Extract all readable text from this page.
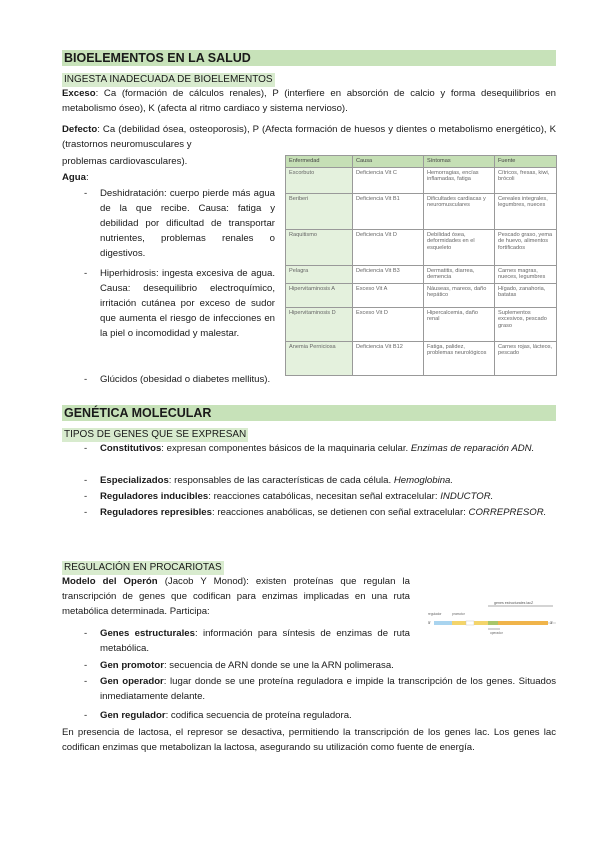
BIOELEMENTOS EN LA SALUD
INGESTA INADECUADA DE BIOELEMENTOS
Exceso: Ca (formación de cálculos renales), P (interfiere en absorción de calcio y forma desequilibrios en metabolismo óseo), K (afecta al ritmo cardiaco y sistema nervioso).
Defecto: Ca (debilidad ósea, osteoporosis), P (Afecta formación de huesos y dientes o metabolismo energético), K (trastornos neuromusculares y
problemas cardiovasculares).
Agua:
- Deshidratación: cuerpo pierde más agua de la que recibe. Causa: fatiga y debilidad por dificultad de transportar nutrientes, problemas renales o digestivos.
- Hiperhidrosis: ingesta excesiva de agua. Causa: desequilibrio electroquímico, irritación cutánea por exceso de sudor que aumenta el riesgo de infecciones en la piel o incomodidad y malestar.
- Glúcidos (obesidad o diabetes mellitus).
Enfermedad	Causa	Síntomas	Fuente
Escorbuto	Deficiencia Vit C	Hemorragias, encías inflamadas, fatiga	Cítricos, fresas, kiwi, brócoli
Beriberi	Deficiencia Vit B1	Dificultades cardiacas y neuromusculares	Cereales integrales, legumbres, nueces
Raquitismo	Deficiencia Vit D	Debilidad ósea, deformidades en el esqueleto	Pescado graso, yema de huevo, alimentos fortificados
Pelagra	Deficiencia Vit B3	Dermatitis, diarrea, demencia	Carnes magras, nueces, legumbres
Hipervitaminosis A	Exceso Vit A	Náuseas, mareos, daño hepático	Hígado, zanahoria, batatas
Hipervitaminosis D	Exceso Vit D	Hipercalcemia, daño renal	Suplementos excesivos, pescado graso
Anemia Perniciosa	Deficiencia Vit B12	Fatiga, palidez, problemas neurológicos	Carnes rojas, lácteos, pescado
GENÉTICA MOLECULAR
TIPOS DE GENES QUE SE EXPRESAN
- Constitutivos: expresan componentes básicos de la maquinaria celular. Enzimas de reparación ADN.
- Especializados: responsables de las características de cada célula. Hemoglobina.
- Reguladores inducibles: reacciones catabólicas, necesitan señal extracelular: INDUCTOR.
- Reguladores represibles: reacciones anabólicas, se detienen con señal extracelular: CORREPRESOR.
REGULACIÓN EN PROCARIOTAS
Modelo del Operón (Jacob Y Monod): existen proteínas que regulan la transcripción de genes que codifican para enzimas implicadas en una ruta metabólica determinada. Participa:
- Genes estructurales: información para síntesis de enzimas de ruta metabólica.
- Gen promotor: secuencia de ARN donde se une la ARN polimerasa.
- Gen operador: lugar donde se une proteína reguladora e impide la transcripción de los genes. Situados inmediatamente delante.
- Gen regulador: codifica secuencia de proteína reguladora.
En presencia de lactosa, el represor se desactiva, permitiendo la transcripción de los genes lac. Los genes lac codifican enzimas que metabolizan la lactosa, asegurando su utilización como fuente de energía.
genes estructurales lacZ
regulador	promotor
5'	3'
operador
